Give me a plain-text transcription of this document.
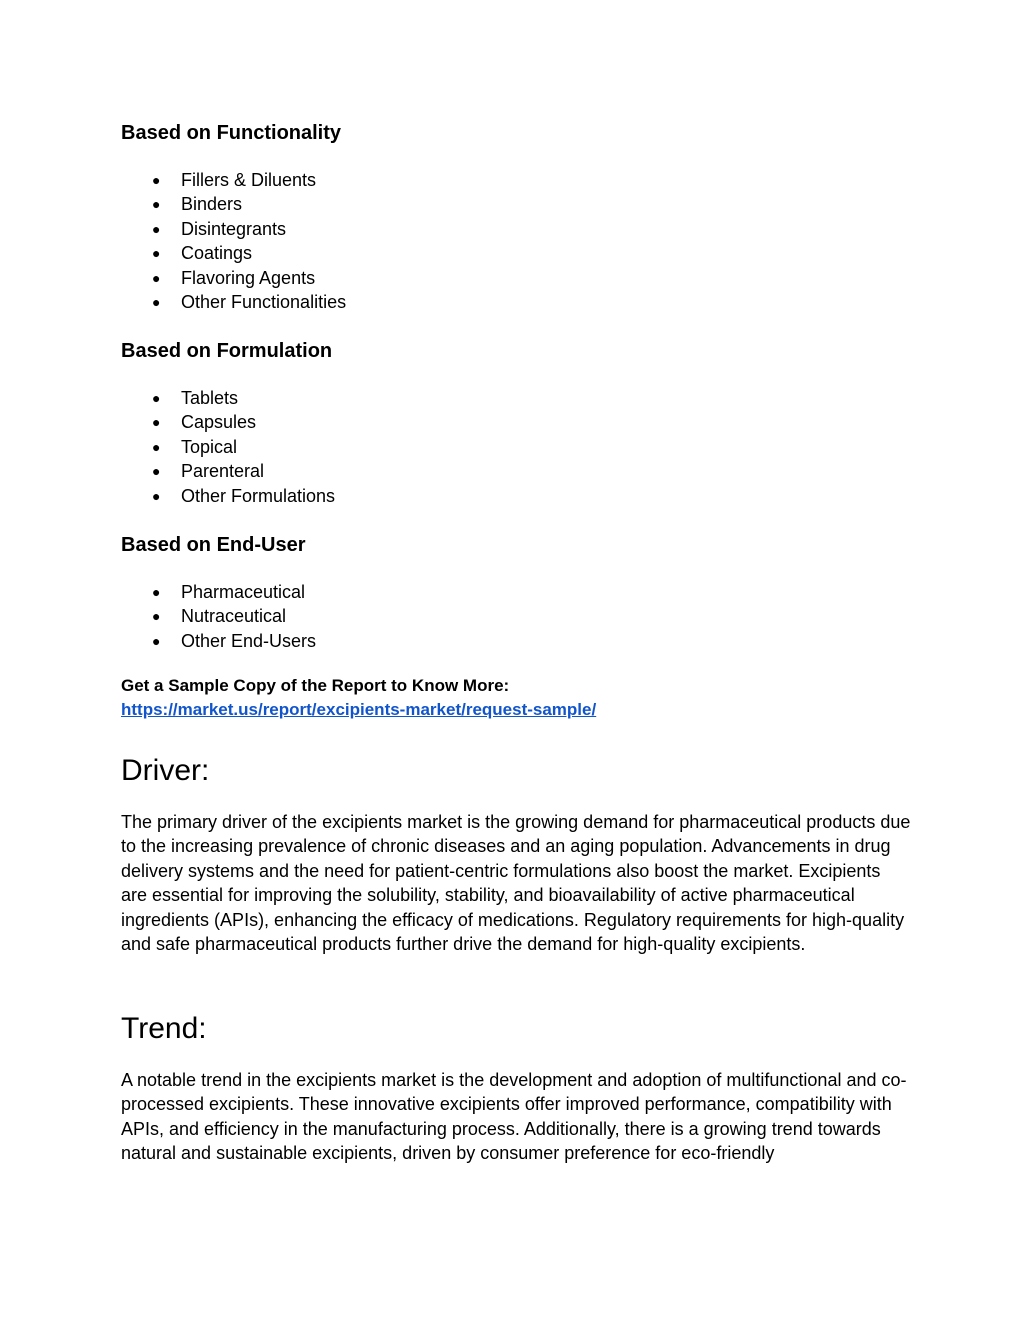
Based on Functionality
● Fillers & Diluents
● Binders
● Disintegrants
● Coatings
● Flavoring Agents
● Other Functionalities
Based on Formulation
● Tablets
● Capsules
● Topical
● Parenteral
● Other Formulations
Based on End-User
● Pharmaceutical
● Nutraceutical
● Other End-Users
Get a Sample Copy of the Report to Know More:
https://market.us/report/excipients-market/request-sample/
Driver:

The primary driver of the excipients market is the growing demand for pharmaceutical products due to the increasing prevalence of chronic diseases and an aging population. Advancements in drug delivery systems and the need for patient-centric formulations also boost the market. Excipients are essential for improving the solubility, stability, and bioavailability of active pharmaceutical ingredients (APIs), enhancing the efficacy of medications. Regulatory requirements for high-quality and safe pharmaceutical products further drive the demand for high-quality excipients.

Trend:

A notable trend in the excipients market is the development and adoption of multifunctional and co-processed excipients. These innovative excipients offer improved performance, compatibility with APIs, and efficiency in the manufacturing process. Additionally, there is a growing trend towards natural and sustainable excipients, driven by consumer preference for eco-friendly
